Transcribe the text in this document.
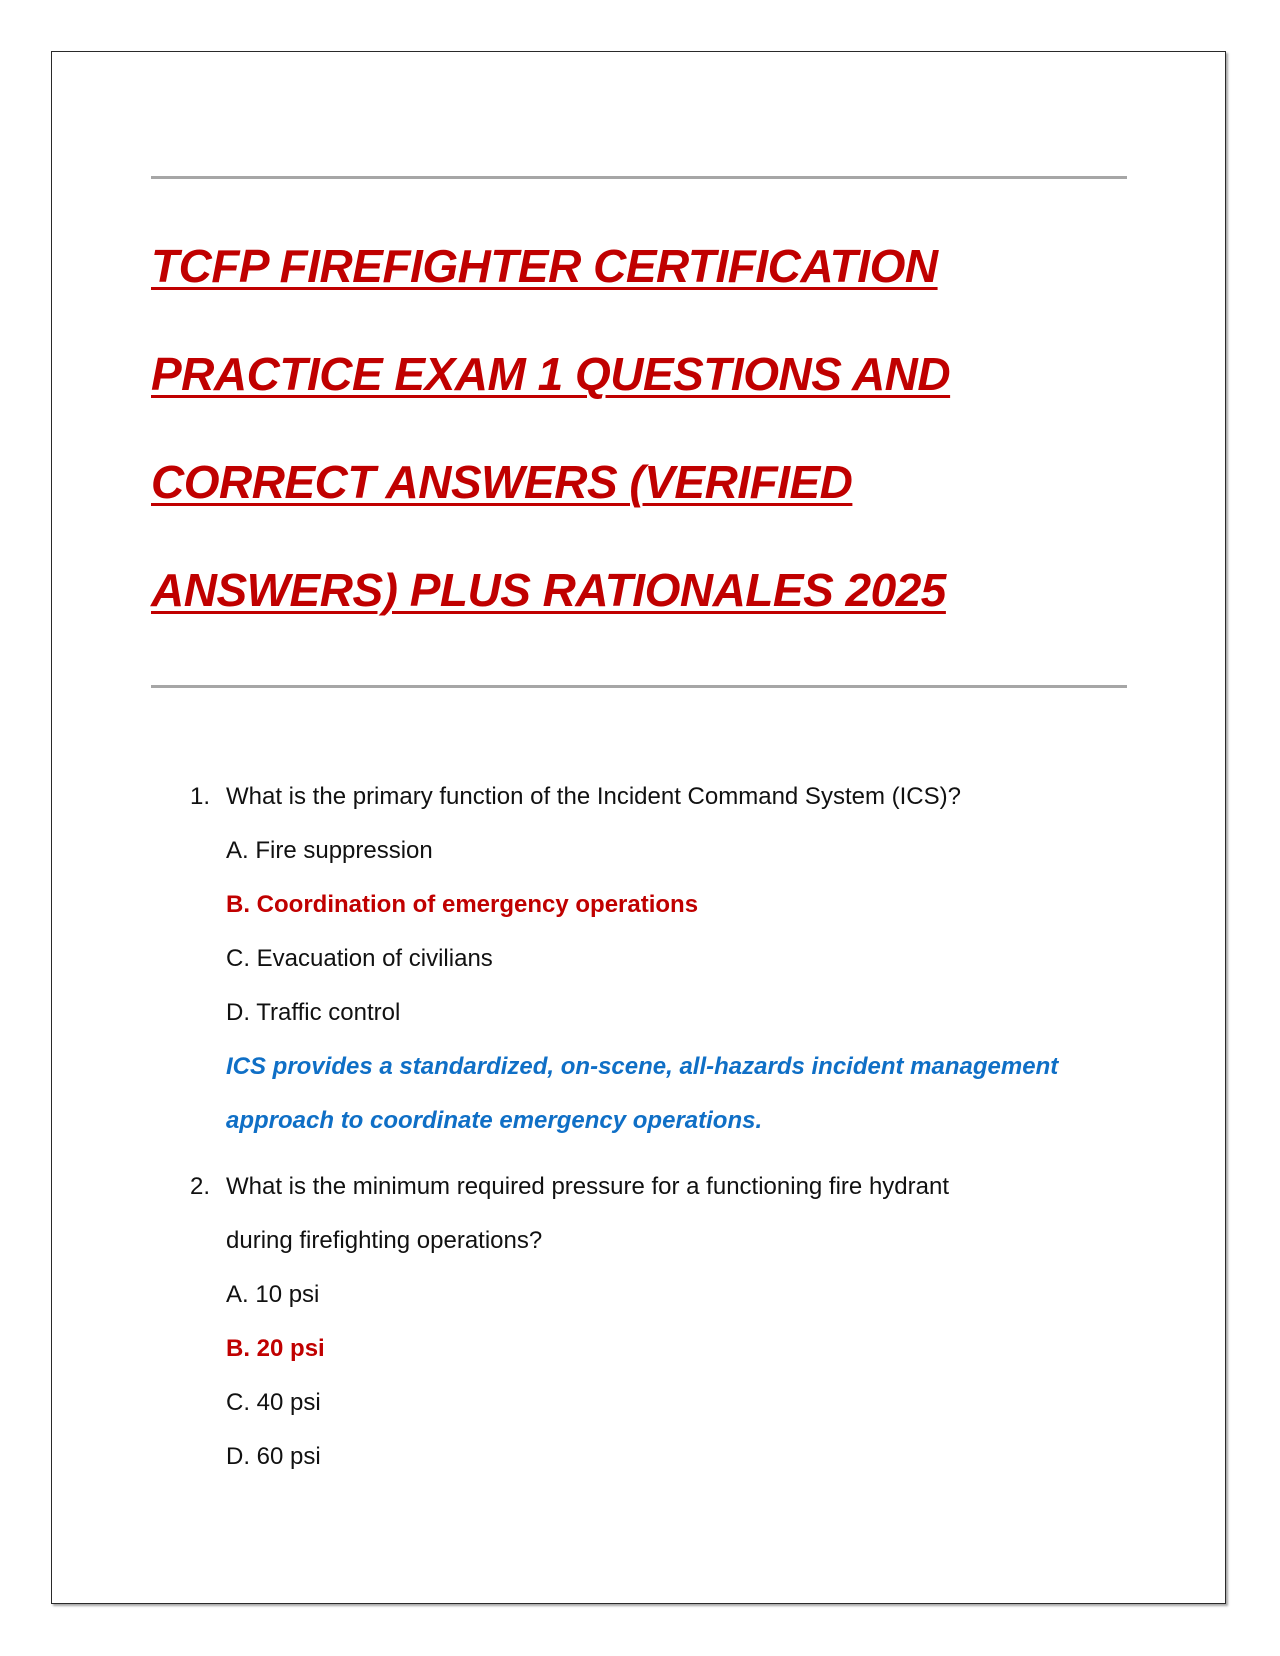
TCFP FIREFIGHTER CERTIFICATION
PRACTICE EXAM 1 QUESTIONS AND
CORRECT ANSWERS (VERIFIED
ANSWERS) PLUS RATIONALES 2025
1. What is the primary function of the Incident Command System (ICS)?
A. Fire suppression
B. Coordination of emergency operations
C. Evacuation of civilians
D. Traffic control
ICS provides a standardized, on-scene, all-hazards incident management
approach to coordinate emergency operations.
2. What is the minimum required pressure for a functioning fire hydrant
during firefighting operations?
A. 10 psi
B. 20 psi
C. 40 psi
D. 60 psi
